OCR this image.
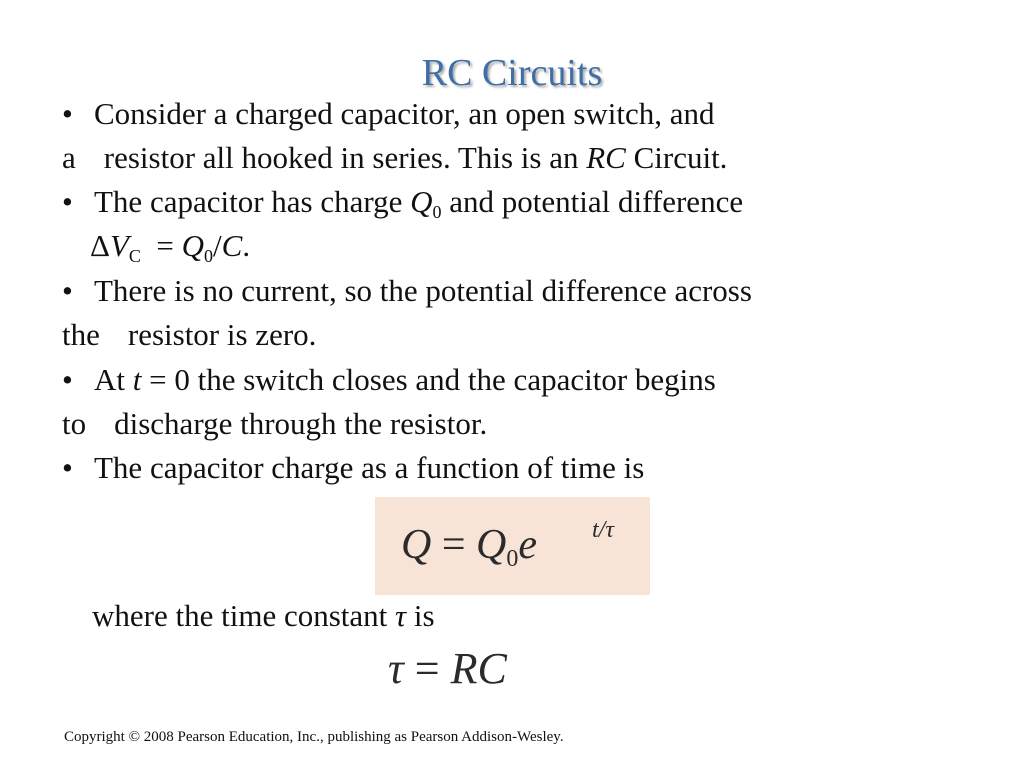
RC Circuits
• Consider a charged capacitor, an open switch, and
a resistor all hooked in series. This is an RC Circuit.
• The capacitor has charge $Q_0$ and potential difference
$\Delta V_C = Q_0/C$.
• There is no current, so the potential difference across
the resistor is zero.
• At t = 0 the switch closes and the capacitor begins
to discharge through the resistor.
• The capacitor charge as a function of time is
$Q = Q_0e$ t/τ
where the time constant τ is
τ = RC
Copyright © 2008 Pearson Education, Inc., publishing as Pearson Addison-Wesley.
